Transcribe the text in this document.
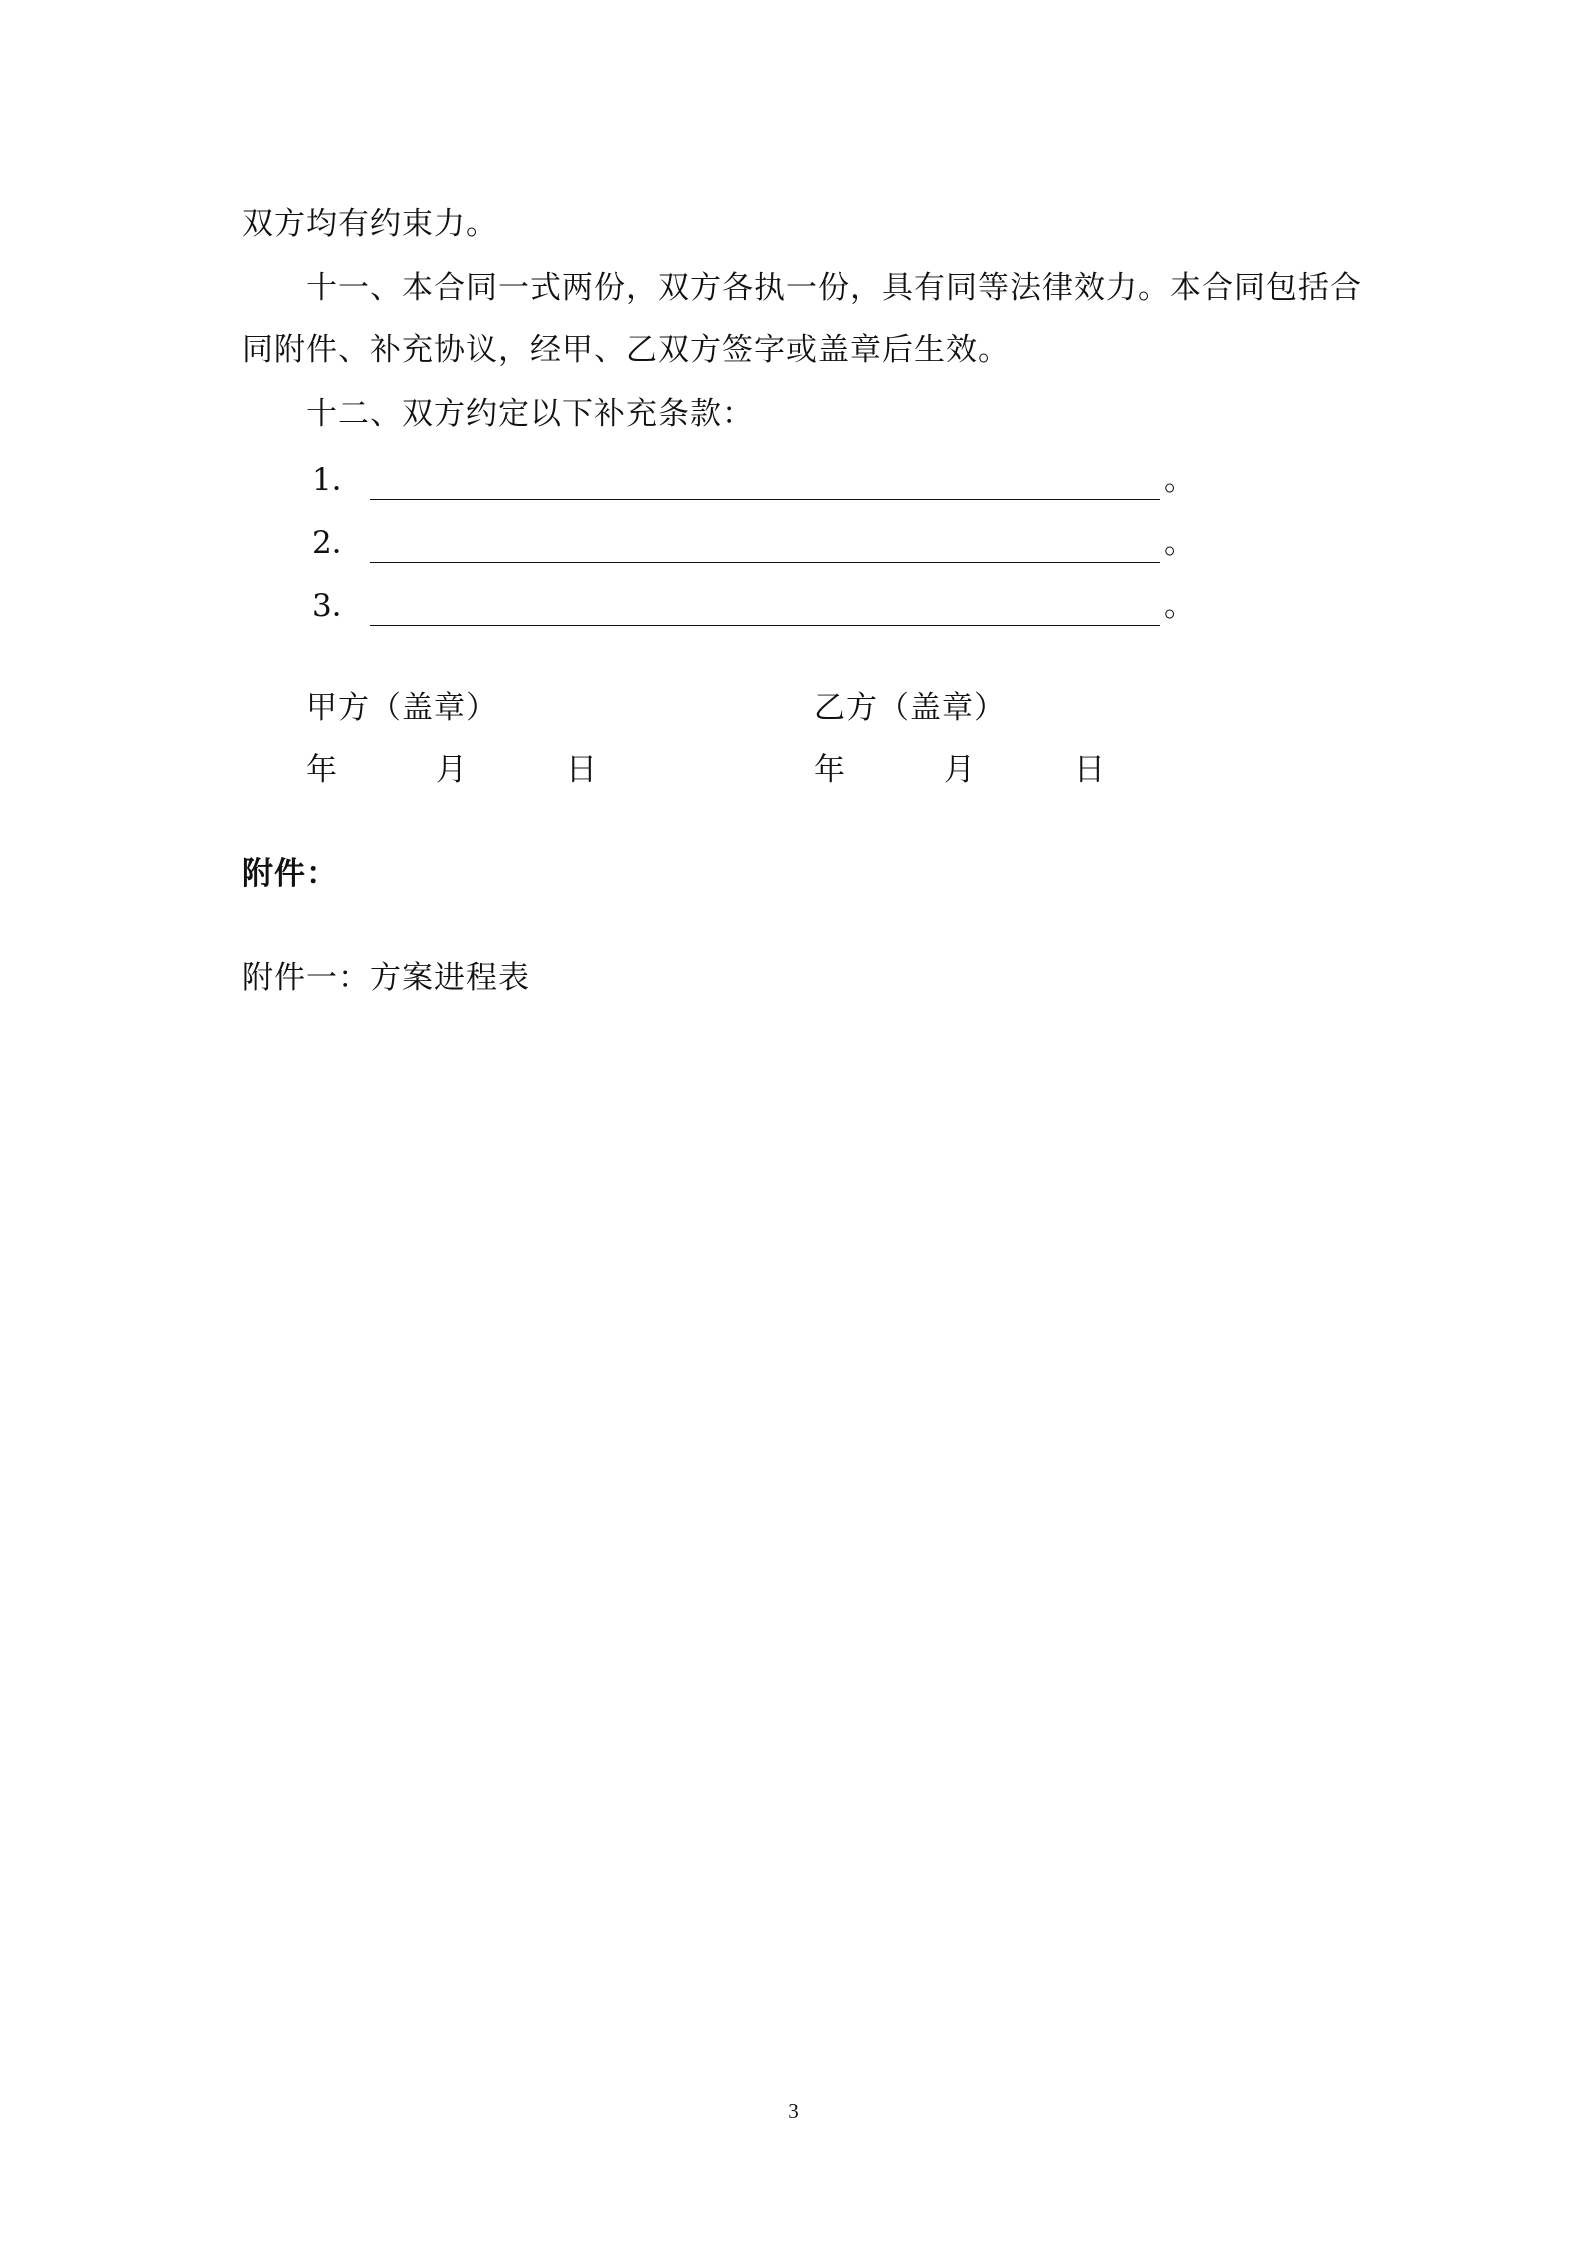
双方均有约束力。
十一、本合同一式两份，双方各执一份，具有同等法律效力。本合同包括合
同附件、补充协议，经甲、乙双方签字或盖章后生效。
十二、双方约定以下补充条款：
1．	。
2．	。
3．	。
甲方（盖章）	乙方（盖章）
年	月	日	年	月	日
附件：
附件一：方案进程表
3
